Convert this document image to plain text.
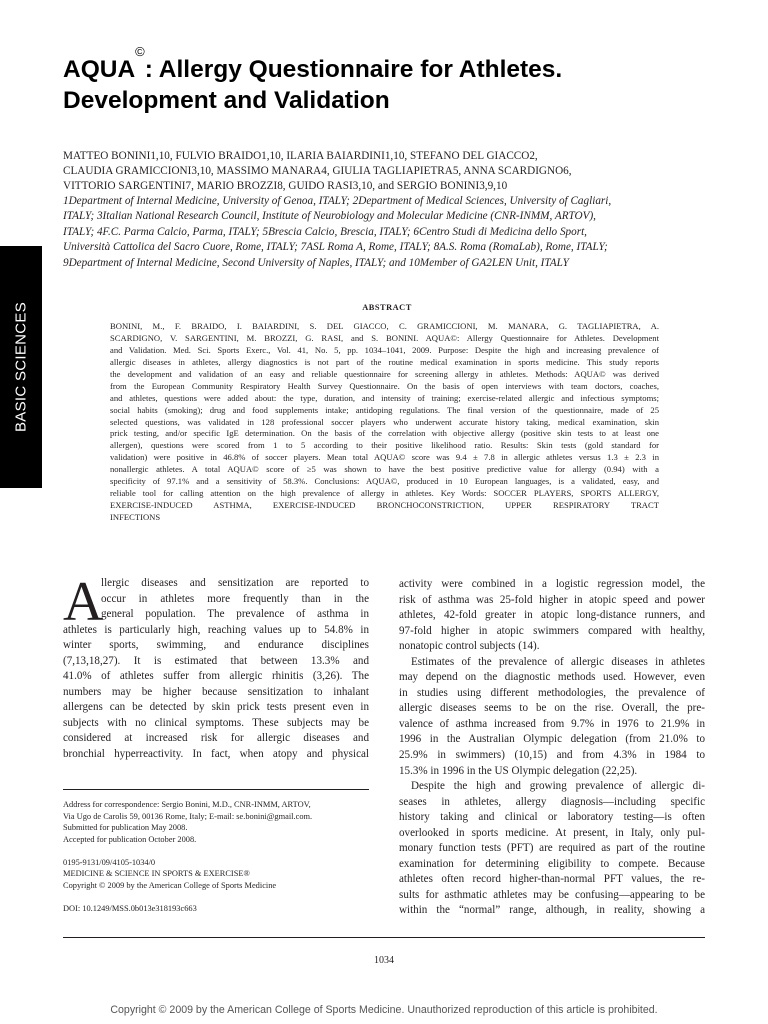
BASIC SCIENCES
AQUA©: Allergy Questionnaire for Athletes.
Development and Validation
MATTEO BONINI1,10, FULVIO BRAIDO1,10, ILARIA BAIARDINI1,10, STEFANO DEL GIACCO2,
CLAUDIA GRAMICCIONI3,10, MASSIMO MANARA4, GIULIA TAGLIAPIETRA5, ANNA SCARDIGNO6,
VITTORIO SARGENTINI7, MARIO BROZZI8, GUIDO RASI3,10, and SERGIO BONINI3,9,10
1Department of Internal Medicine, University of Genoa, ITALY; 2Department of Medical Sciences, University of Cagliari,
ITALY; 3Italian National Research Council, Institute of Neurobiology and Molecular Medicine (CNR-INMM, ARTOV),
ITALY; 4F.C. Parma Calcio, Parma, ITALY; 5Brescia Calcio, Brescia, ITALY; 6Centro Studi di Medicina dello Sport,
Università Cattolica del Sacro Cuore, Rome, ITALY; 7ASL Roma A, Rome, ITALY; 8A.S. Roma (RomaLab), Rome, ITALY;
9Department of Internal Medicine, Second University of Naples, ITALY; and 10Member of GA2LEN Unit, ITALY
ABSTRACT
BONINI, M., F. BRAIDO, I. BAIARDINI, S. DEL GIACCO, C. GRAMICCIONI, M. MANARA, G. TAGLIAPIETRA, A.
SCARDIGNO, V. SARGENTINI, M. BROZZI, G. RASI, and S. BONINI. AQUA©: Allergy Questionnaire for Athletes. Development
and Validation. Med. Sci. Sports Exerc., Vol. 41, No. 5, pp. 1034–1041, 2009. Purpose: Despite the high and increasing prevalence of
allergic diseases in athletes, allergy diagnostics is not part of the routine medical examination in sports medicine. This study reports
the development and validation of an easy and reliable questionnaire for screening allergy in athletes. Methods: AQUA© was derived
from the European Community Respiratory Health Survey Questionnaire. On the basis of open interviews with team doctors, coaches,
and athletes, questions were added about: the type, duration, and intensity of training; exercise-related allergic and infectious symptoms;
social habits (smoking); drug and food supplements intake; antidoping regulations. The final version of the questionnaire, made of 25
selected questions, was validated in 128 professional soccer players who underwent accurate history taking, medical examination, skin
prick testing, and/or specific IgE determination. On the basis of the correlation with objective allergy (positive skin tests to at least one
allergen), questions were scored from 1 to 5 according to their positive likelihood ratio. Results: Skin tests (gold standard for
validation) were positive in 46.8% of soccer players. Mean total AQUA© score was 9.4 ± 7.8 in allergic athletes versus 1.3 ± 2.3 in
nonallergic athletes. A total AQUA© score of ≥5 was shown to have the best positive predictive value for allergy (0.94) with a
specificity of 97.1% and a sensitivity of 58.3%. Conclusions: AQUA©, produced in 10 European languages, is a validated, easy, and
reliable tool for calling attention on the high prevalence of allergy in athletes. Key Words: SOCCER PLAYERS, SPORTS ALLERGY,
EXERCISE-INDUCED ASTHMA, EXERCISE-INDUCED BRONCHOCONSTRICTION, UPPER RESPIRATORY TRACT
INFECTIONS
A
llergic diseases and sensitization are reported to
occur in athletes more frequently than in the
general population. The prevalence of asthma in
athletes is particularly high, reaching values up to 54.8% in
winter sports, swimming, and endurance disciplines
(7,13,18,27). It is estimated that between 13.3% and
41.0% of athletes suffer from allergic rhinitis (3,26). The
numbers may be higher because sensitization to inhalant
allergens can be detected by skin prick tests present even in
subjects with no clinical symptoms. These subjects may be
considered at increased risk for allergic diseases and
bronchial hyperreactivity. In fact, when atopy and physical
Address for correspondence: Sergio Bonini, M.D., CNR-INMM, ARTOV,
Via Ugo de Carolis 59, 00136 Rome, Italy; E-mail: se.bonini@gmail.com.
Submitted for publication May 2008.
Accepted for publication October 2008.
0195-9131/09/4105-1034/0
MEDICINE & SCIENCE IN SPORTS & EXERCISE®
Copyright © 2009 by the American College of Sports Medicine
DOI: 10.1249/MSS.0b013e318193c663
activity were combined in a logistic regression model, the
risk of asthma was 25-fold higher in atopic speed and power
athletes, 42-fold greater in atopic long-distance runners, and
97-fold higher in atopic swimmers compared with healthy,
nonatopic control subjects (14).
Estimates of the prevalence of allergic diseases in athletes
may depend on the diagnostic methods used. However, even
in studies using different methodologies, the prevalence of
allergic diseases seems to be on the rise. Overall, the pre-
valence of asthma increased from 9.7% in 1976 to 21.9% in
1996 in the Australian Olympic delegation (from 21.0% to
25.9% in swimmers) (10,15) and from 4.3% in 1984 to
15.3% in 1996 in the US Olympic delegation (22,25).
Despite the high and growing prevalence of allergic di-
seases in athletes, allergy diagnosis—including specific
history taking and clinical or laboratory testing—is often
overlooked in sports medicine. At present, in Italy, only pul-
monary function tests (PFT) are required as part of the routine
examination for determining eligibility to compete. Because
athletes often record higher-than-normal PFT values, the re-
sults for asthmatic athletes may be confusing—appearing to be
within the “normal” range, although, in reality, showing a
1034
Copyright © 2009 by the American College of Sports Medicine. Unauthorized reproduction of this article is prohibited.
